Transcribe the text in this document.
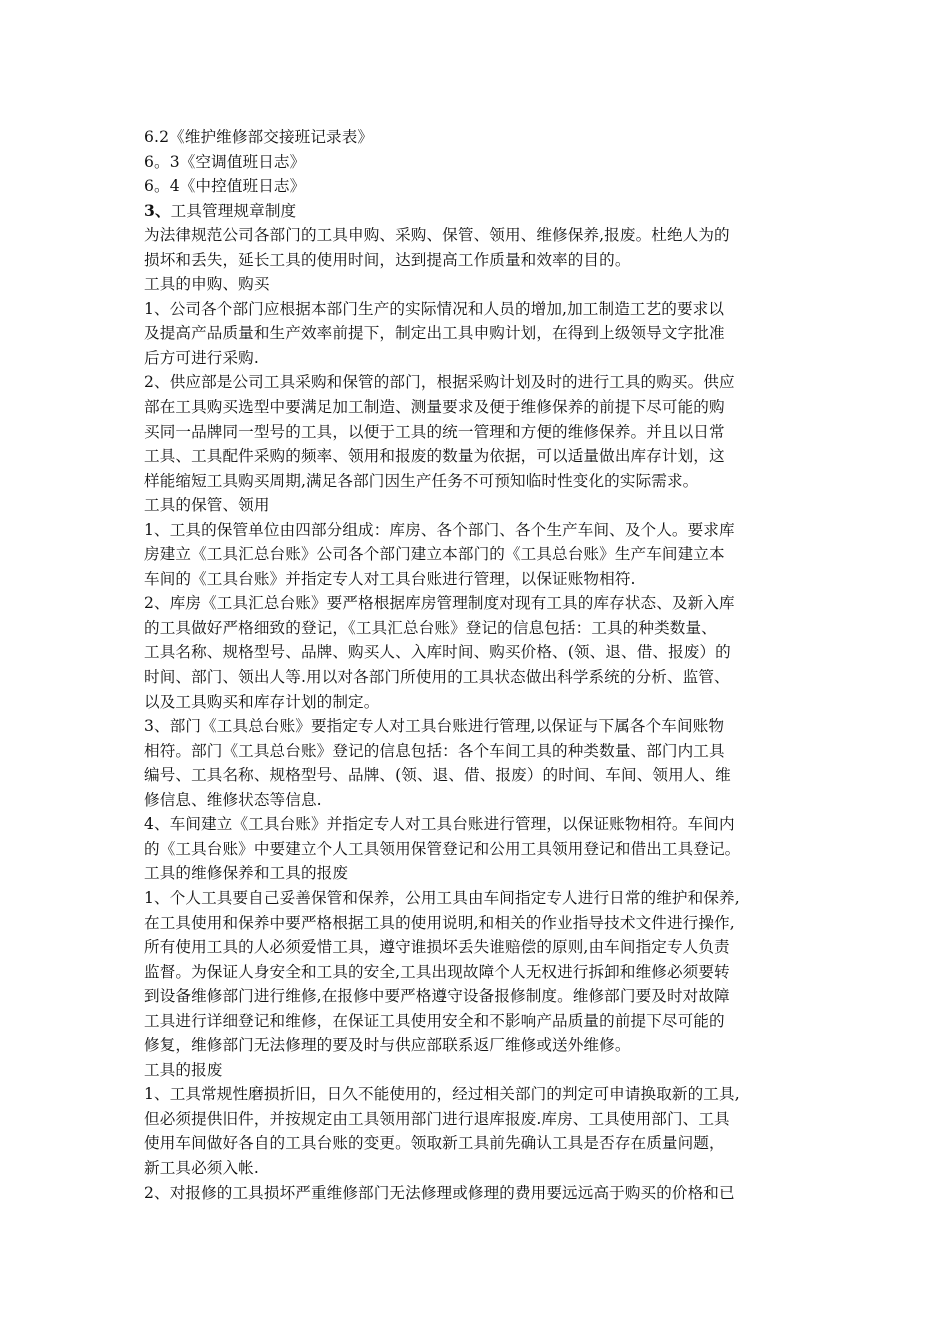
6.2《维护维修部交接班记录表》
6。3《空调值班日志》
6。4《中控值班日志》
3、工具管理规章制度
为法律规范公司各部门的工具申购、采购、保管、领用、维修保养,报废。杜绝人为的
损坏和丢失，延长工具的使用时间，达到提高工作质量和效率的目的。
工具的申购、购买
1、公司各个部门应根据本部门生产的实际情况和人员的增加,加工制造工艺的要求以
及提高产品质量和生产效率前提下，制定出工具申购计划，在得到上级领导文字批准
后方可进行采购.
2、供应部是公司工具采购和保管的部门，根据采购计划及时的进行工具的购买。供应
部在工具购买选型中要满足加工制造、测量要求及便于维修保养的前提下尽可能的购
买同一品牌同一型号的工具，以便于工具的统一管理和方便的维修保养。并且以日常
工具、工具配件采购的频率、领用和报废的数量为依据，可以适量做出库存计划，这
样能缩短工具购买周期,满足各部门因生产任务不可预知临时性变化的实际需求。
工具的保管、领用
1、工具的保管单位由四部分组成：库房、各个部门、各个生产车间、及个人。要求库
房建立《工具汇总台账》公司各个部门建立本部门的《工具总台账》生产车间建立本
车间的《工具台账》并指定专人对工具台账进行管理，以保证账物相符.
2、库房《工具汇总台账》要严格根据库房管理制度对现有工具的库存状态、及新入库
的工具做好严格细致的登记，《工具汇总台账》登记的信息包括：工具的种类数量、
工具名称、规格型号、品牌、购买人、入库时间、购买价格、(领、退、借、报废）的
时间、部门、领出人等.用以对各部门所使用的工具状态做出科学系统的分析、监管、
以及工具购买和库存计划的制定。
3、部门《工具总台账》要指定专人对工具台账进行管理,以保证与下属各个车间账物
相符。部门《工具总台账》登记的信息包括：各个车间工具的种类数量、部门内工具
编号、工具名称、规格型号、品牌、(领、退、借、报废）的时间、车间、领用人、维
修信息、维修状态等信息.
4、车间建立《工具台账》并指定专人对工具台账进行管理，以保证账物相符。车间内
的《工具台账》中要建立个人工具领用保管登记和公用工具领用登记和借出工具登记。
工具的维修保养和工具的报废
1、个人工具要自己妥善保管和保养，公用工具由车间指定专人进行日常的维护和保养,
在工具使用和保养中要严格根据工具的使用说明,和相关的作业指导技术文件进行操作,
所有使用工具的人必须爱惜工具，遵守谁损坏丢失谁赔偿的原则,由车间指定专人负责
监督。为保证人身安全和工具的安全,工具出现故障个人无权进行拆卸和维修必须要转
到设备维修部门进行维修,在报修中要严格遵守设备报修制度。维修部门要及时对故障
工具进行详细登记和维修，在保证工具使用安全和不影响产品质量的前提下尽可能的
修复，维修部门无法修理的要及时与供应部联系返厂维修或送外维修。
工具的报废
1、工具常规性磨损折旧，日久不能使用的，经过相关部门的判定可申请换取新的工具,
但必须提供旧件，并按规定由工具领用部门进行退库报废.库房、工具使用部门、工具
使用车间做好各自的工具台账的变更。领取新工具前先确认工具是否存在质量问题，
新工具必须入帐.
2、对报修的工具损坏严重维修部门无法修理或修理的费用要远远高于购买的价格和已
